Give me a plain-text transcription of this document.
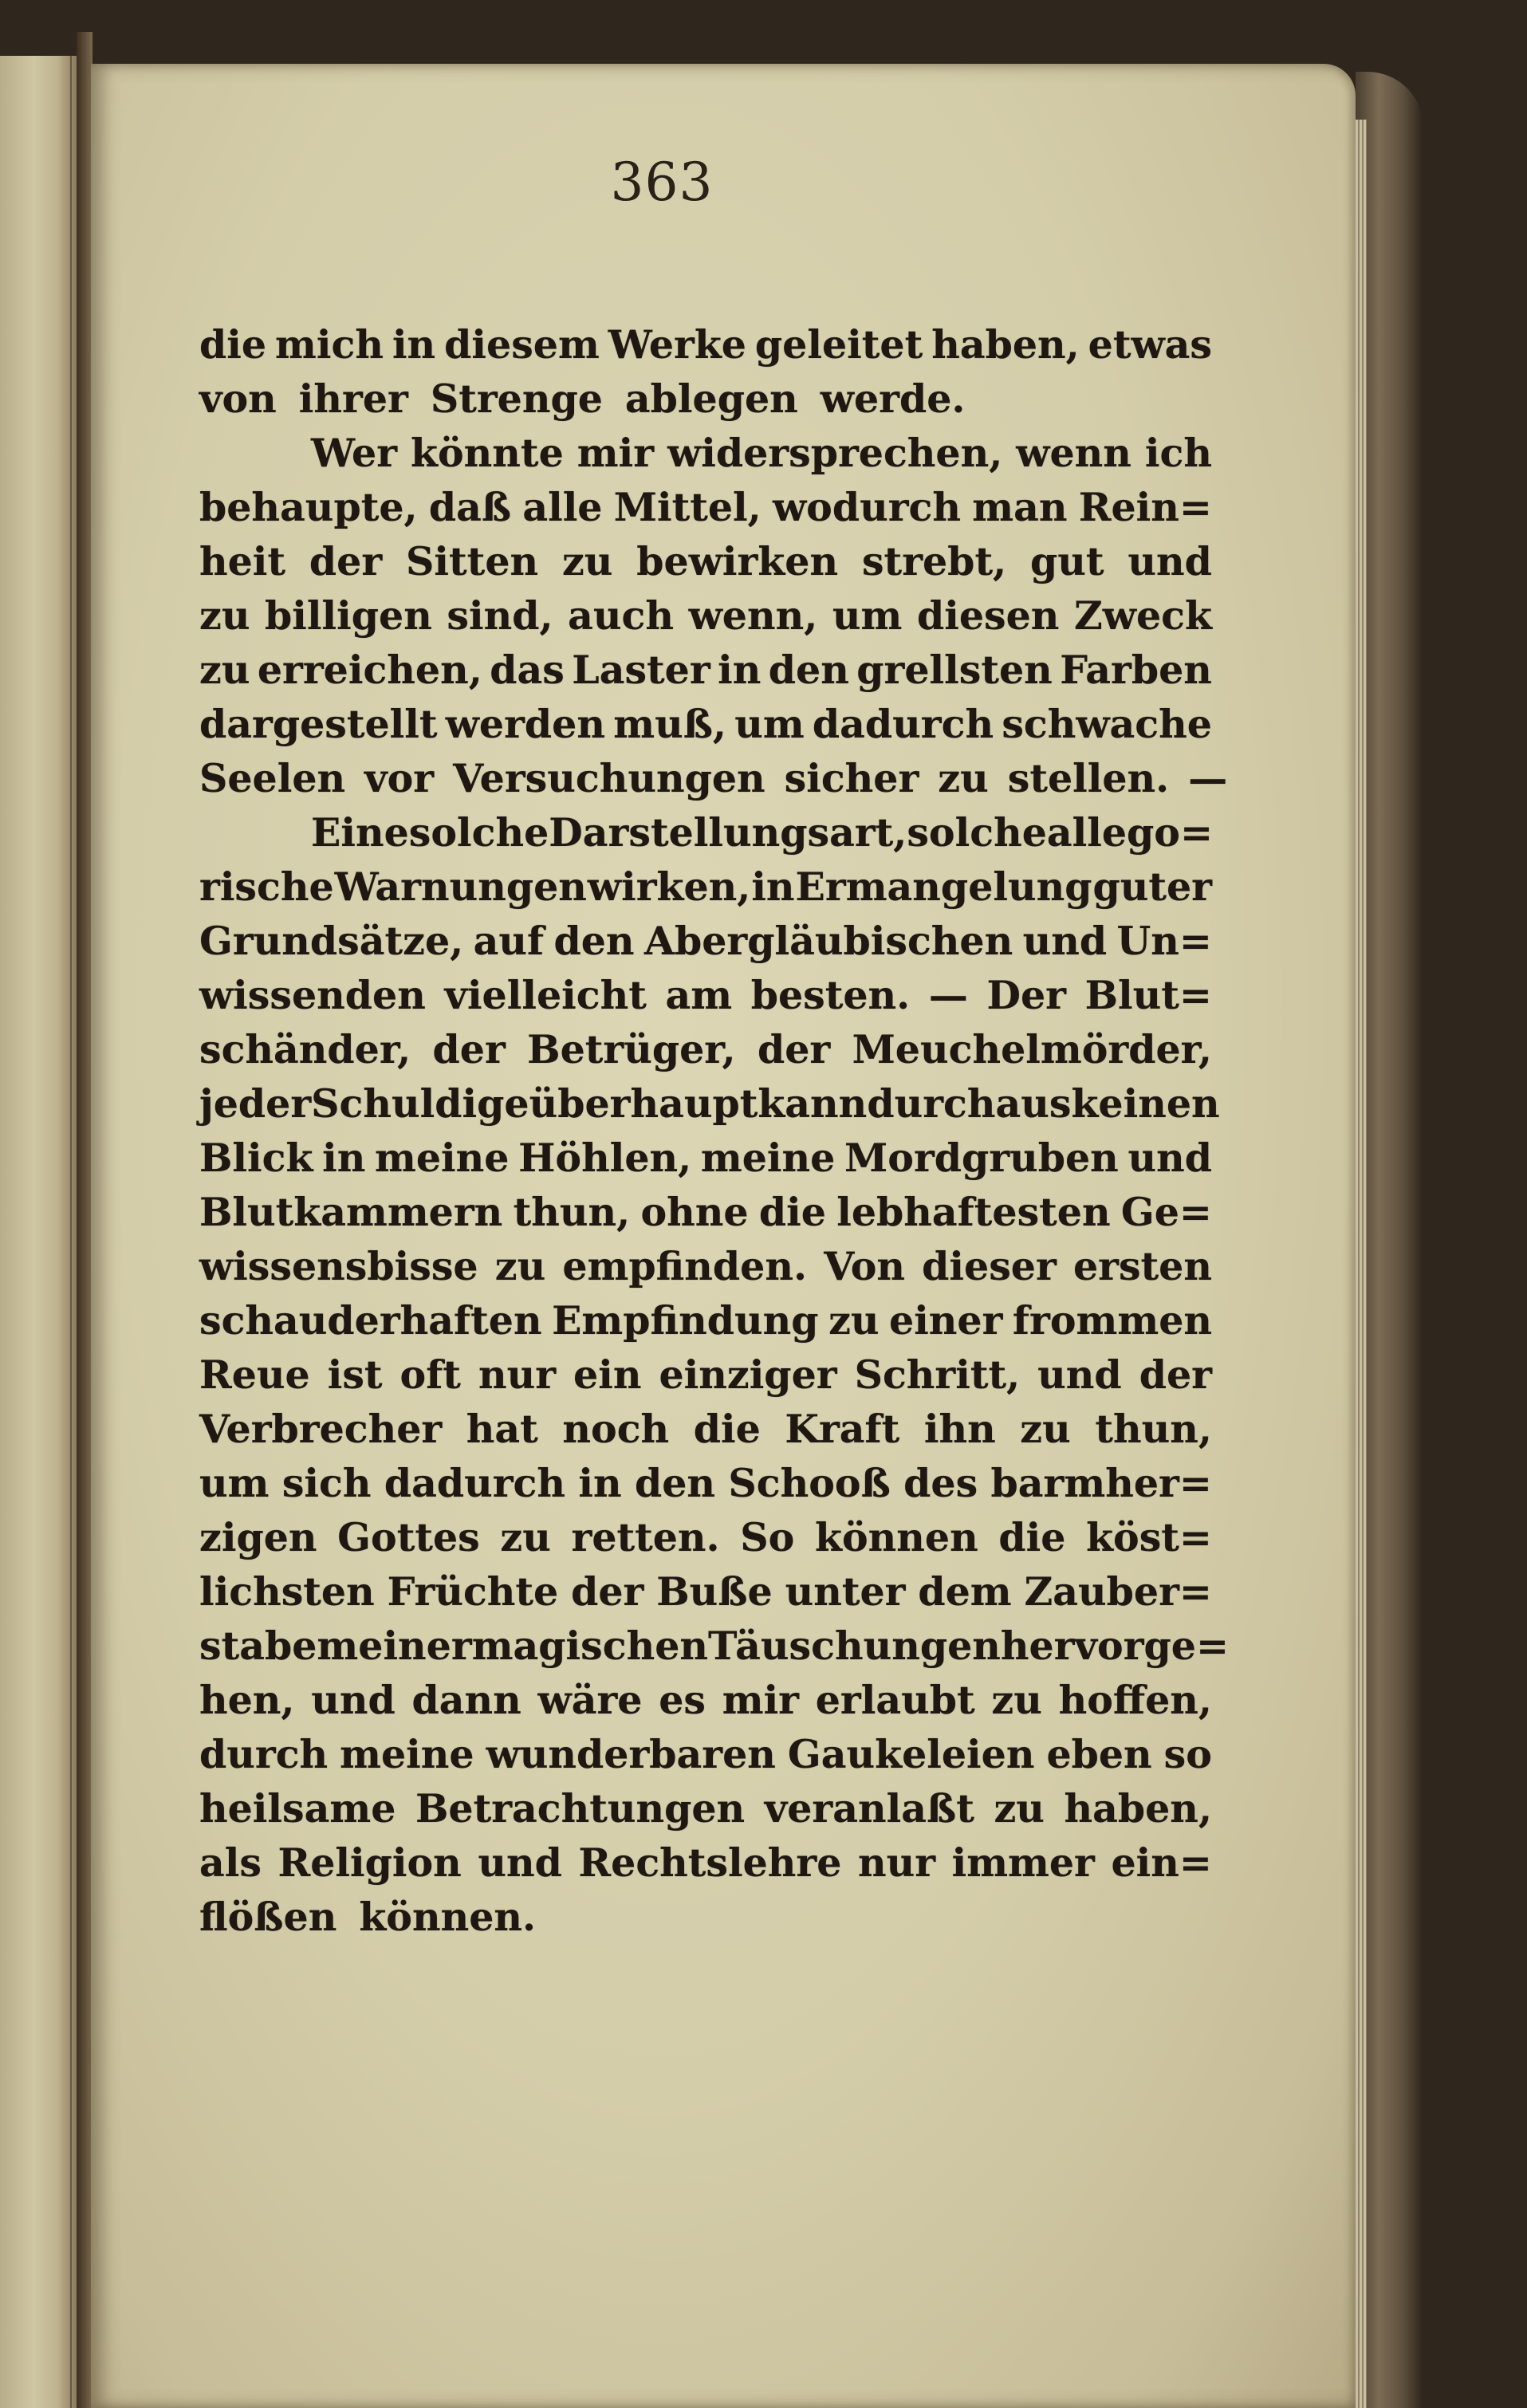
363
die mich in diesem Werke geleitet haben, etwas
von ihrer Strenge ablegen werde.
Wer könnte mir widersprechen, wenn ich
behaupte, daß alle Mittel, wodurch man Rein=
heit der Sitten zu bewirken strebt, gut und
zu billigen sind, auch wenn, um diesen Zweck
zu erreichen, das Laster in den grellsten Farben
dargestellt werden muß, um dadurch schwache
Seelen vor Versuchungen sicher zu stellen. —
Eine solche Darstellungsart, solche allego=
rische Warnungen wirken, in Ermangelung guter
Grundsätze, auf den Abergläubischen und Un=
wissenden vielleicht am besten. — Der Blut=
schänder, der Betrüger, der Meuchelmörder,
jeder Schuldige überhaupt kann durchaus keinen
Blick in meine Höhlen, meine Mordgruben und
Blutkammern thun, ohne die lebhaftesten Ge=
wissensbisse zu empfinden. Von dieser ersten
schauderhaften Empfindung zu einer frommen
Reue ist oft nur ein einziger Schritt, und der
Verbrecher hat noch die Kraft ihn zu thun,
um sich dadurch in den Schooß des barmher=
zigen Gottes zu retten. So können die köst=
lichsten Früchte der Buße unter dem Zauber=
stabe meiner magischen Täuschungen hervorge=
hen, und dann wäre es mir erlaubt zu hoffen,
durch meine wunderbaren Gaukeleien eben so
heilsame Betrachtungen veranlaßt zu haben,
als Religion und Rechtslehre nur immer ein=
flößen können.
